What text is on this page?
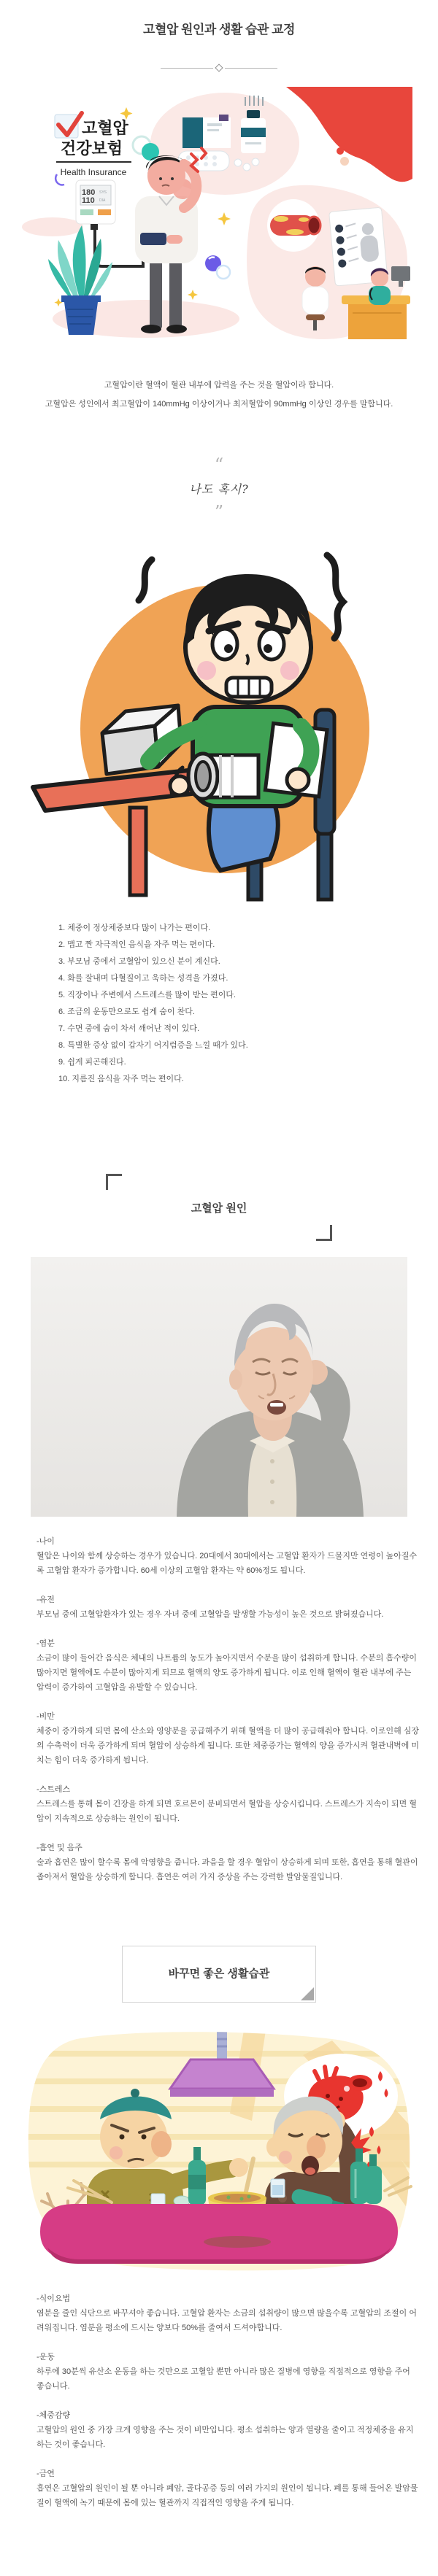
고혈압 원인과 생활 습관 교정
고혈압
건강보험
Health Insurance
180 SYS
110 DIA

고혈압이란 혈액이 혈관 내부에 압력을 주는 것을 혈압이라 합니다.

고혈압은 성인에서 최고혈압이 140mmHg 이상이거나 최저혈압이 90mmHg 이상인 경우를 말합니다.

“
나도 혹시?
”
1. 체중이 정상체중보다 많이 나가는 편이다.
2. 맵고 짠 자극적인 음식을 자주 먹는 편이다.
3. 부모님 중에서 고혈압이 있으신 분이 계신다.
4. 화를 잘내며 다혈질이고 욱하는 성격을 가졌다.
5. 직장이나 주변에서 스트레스를 많이 받는 편이다.
6. 조금의 운동만으로도 쉽게 숨이 찬다.
7. 수면 중에 숨이 차서 깨어난 적이 있다.
8. 특별한 증상 없이 갑자기 어지럼증을 느낄 때가 있다.
9. 쉽게 피곤해진다.
10. 지름진 음식을 자주 먹는 편이다.
고혈압 원인
-나이
혈압은 나이와 함께 상승하는 경우가 있습니다. 20대에서 30대에서는 고혈압 환자가 드물지만 연령이 높아질수록 고혈압 환자가 증가합니다. 60세 이상의 고혈압 환자는 약 60%정도 됩니다.
-유전
부모님 중에 고혈압환자가 있는 경우 자녀 중에 고혈압을 발생할 가능성이 높은 것으로 밝혀졌습니다.
-염분
소금이 많이 들어간 음식은 체내의 나트륨의 농도가 높아지면서 수분을 많이 섭취하게 합니다. 수분의 흡수량이 많아지면 혈액에도 수분이 많아지게 되므로 혈액의 양도 증가하게 됩니다. 이로 인해 혈액이 혈관 내부에 주는 압력이 증가하여 고혈압을 유발할 수 있습니다.
-비만
체중이 증가하게 되면 몸에 산소와 영양분을 공급해주기 위해 혈액을 더 많이 공급해줘야 합니다. 이로인해 심장의 수축력이 더욱 증가하게 되며 혈압이 상승하게 됩니다. 또한 체중증가는 혈액의 양을 증가시켜 혈관내벽에 미치는 힘이 더욱 증가하게 됩니다.
-스트레스
스트레스를 통해 몸이 긴장을 하게 되면 호르몬이 분비되면서 혈압을 상승시킵니다. 스트레스가 지속이 되면 혈압이 지속적으로 상승하는 원인이 됩니다.
-흡연 및 음주
술과 흡연은 많이 할수록 몸에 악영향을 줍니다. 과음을 할 경우 혈압이 상승하게 되며 또한, 흡연을 통해 혈관이 좁아져서 혈압을 상승하게 합니다. 흡연은 여러 가지 증상을 주는 강력한 발암물질입니다.
바꾸면 좋은 생활습관
-식이요법
염분을 줄인 식단으로 바꾸셔야 좋습니다. 고혈압 환자는 소금의 섭취량이 많으면 많을수록 고혈압의 조절이 어려워집니다. 염분을 평소에 드시는 양보다 50%를 줄여서 드셔야합니다.
-운동
하루에 30분씩 유산소 운동을 하는 것만으로 고혈압 뿐만 아니라 많은 질병에 영향을 직접적으로 영향을 주어 좋습니다.
-체중감량
고혈압의 원인 중 가장 크게 영향을 주는 것이 비만입니다. 평소 섭취하는 양과 열량을 줄이고 적정체중을 유지하는 것이 좋습니다.
-금연
흡연은 고혈압의 원인이 될 뿐 아니라 폐암, 골다공증 등의 여러 가지의 원인이 됩니다. 폐를 통해 들어온 발암물질이 혈액에 녹기 때문에 몸에 있는 혈관까지 직접적인 영향을 주게 됩니다.
